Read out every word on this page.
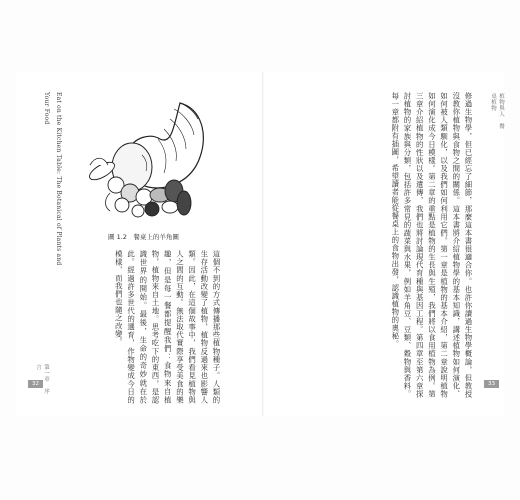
Eat on the Kitchen Table: The Botanical of Plants and Your Food
圖 1.2　餐桌上的羊角圖
這個不到的方式傳播那些植物種子。人類的生存活動改變了植物，植物反過來也影響人類。因此，在這個故事中，我們看見植物與人之間的互動。無法取代實際享受美食的樂趣，但是每一餐都提醒我們：食物來自植物，植物來自土地。思考吃下的東西，是認識世界的開始。最後，生命的奇妙就在於此。經過許多世代的選育，作物變成今日的模樣，而我們也隨之改變。	修過生物學，但已經忘了細節，那麼這本書很適合你。也許你讀過生物學概論，但教授沒教你植物與食物之間的關係。這本書將介紹植物學的基本知識，講述植物如何演化、如何被人類馴化，以及我們如何利用它們。第一章是植物的基本介紹，第二章說明植物如何演化成今日模樣。第二章的重點是植物的生長與生殖，我們將以食用植物為例。第三章介紹植物的性狀以及遺傳，我們也將討論現代育種與基因工程。第四章至第六章探討植物的家族與分類，包括許多常見的蔬菜與水果，例如羊角豆、豆類、穀物與香料。每一章都附有插圖，希望讀者能從餐桌上的食物出發，認識植物的奧秘。	植物與人　餐桌植物
第一章　序言
32	33
